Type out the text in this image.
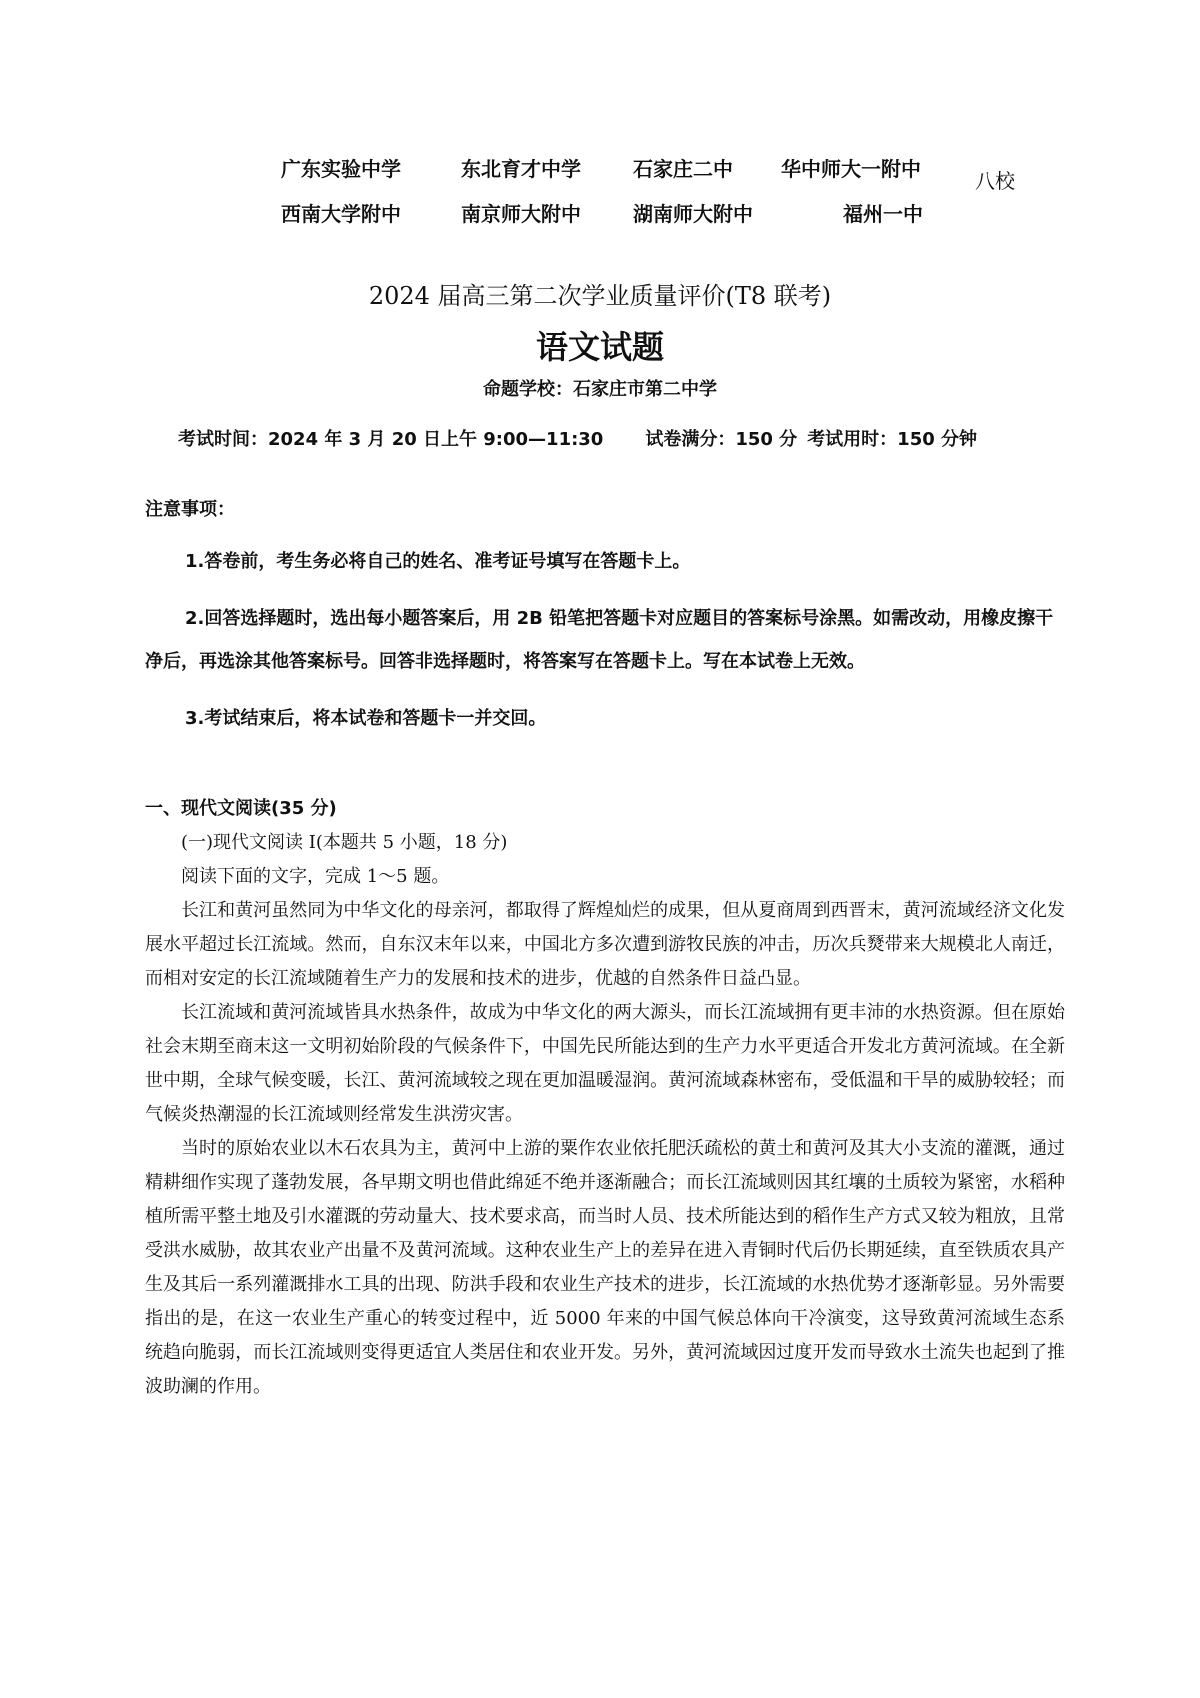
广东实验中学	东北育才中学	石家庄二中 华中师大一附中
西南大学附中	南京师大附中	湖南师大附中	福州一中
八校
2024 届高三第二次学业质量评价(T8 联考)
语文试题
命题学校：石家庄市第二中学
考试时间：2024 年 3 月 20 日上午 9:00—11:30 试卷满分：150 分 考试用时：150 分钟

注意事项：

1.答卷前，考生务必将自己的姓名、准考证号填写在答题卡上。

2.回答选择题时，选出每小题答案后，用 2B 铅笔把答题卡对应题目的答案标号涂黑。如需改动，用橡皮擦干净后，再选涂其他答案标号。回答非选择题时，将答案写在答题卡上。写在本试卷上无效。

3.考试结束后，将本试卷和答题卡一并交回。

一、现代文阅读(35 分)

(一)现代文阅读 I(本题共 5 小题，18 分)

阅读下面的文字，完成 1～5 题。

长江和黄河虽然同为中华文化的母亲河，都取得了辉煌灿烂的成果，但从夏商周到西晋末，黄河流域经济文化发展水平超过长江流域。然而，自东汉末年以来，中国北方多次遭到游牧民族的冲击，历次兵燹带来大规模北人南迁，而相对安定的长江流域随着生产力的发展和技术的进步，优越的自然条件日益凸显。

长江流域和黄河流域皆具水热条件，故成为中华文化的两大源头，而长江流域拥有更丰沛的水热资源。但在原始社会末期至商末这一文明初始阶段的气候条件下，中国先民所能达到的生产力水平更适合开发北方黄河流域。在全新世中期，全球气候变暖，长江、黄河流域较之现在更加温暖湿润。黄河流域森林密布，受低温和干旱的威胁较轻；而气候炎热潮湿的长江流域则经常发生洪涝灾害。

当时的原始农业以木石农具为主，黄河中上游的粟作农业依托肥沃疏松的黄土和黄河及其大小支流的灌溉，通过精耕细作实现了蓬勃发展，各早期文明也借此绵延不绝并逐渐融合；而长江流域则因其红壤的土质较为紧密，水稻种植所需平整土地及引水灌溉的劳动量大、技术要求高，而当时人员、技术所能达到的稻作生产方式又较为粗放，且常受洪水威胁，故其农业产出量不及黄河流域。这种农业生产上的差异在进入青铜时代后仍长期延续，直至铁质农具产生及其后一系列灌溉排水工具的出现、防洪手段和农业生产技术的进步，长江流域的水热优势才逐渐彰显。另外需要指出的是，在这一农业生产重心的转变过程中，近 5000 年来的中国气候总体向干冷演变，这导致黄河流域生态系统趋向脆弱，而长江流域则变得更适宜人类居住和农业开发。另外，黄河流域因过度开发而导致水土流失也起到了推波助澜的作用。
